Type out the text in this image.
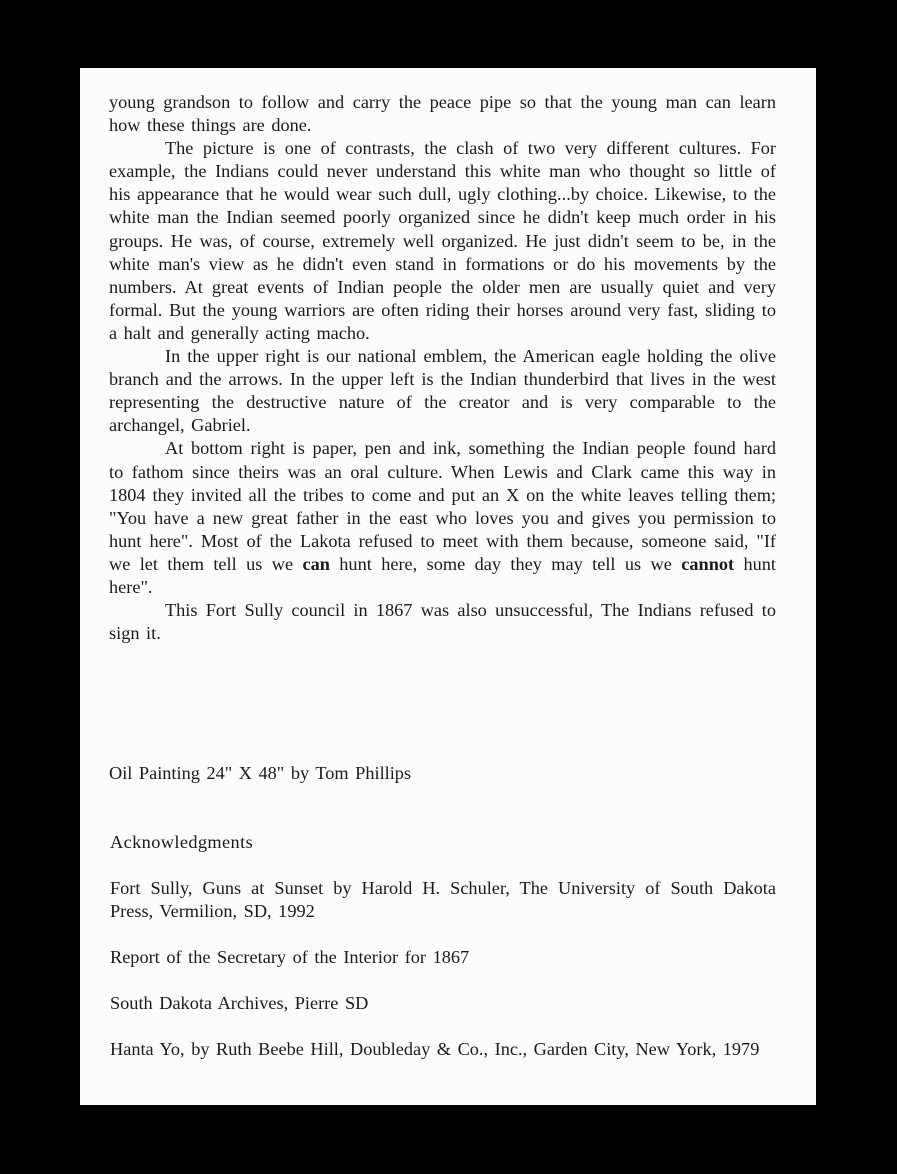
young grandson to follow and carry the peace pipe so that the young man can learn how these things are done.

The picture is one of contrasts, the clash of two very different cultures. For example, the Indians could never understand this white man who thought so little of his appearance that he would wear such dull, ugly clothing...by choice. Likewise, to the white man the Indian seemed poorly organized since he didn't keep much order in his groups. He was, of course, extremely well organized. He just didn't seem to be, in the white man's view as he didn't even stand in formations or do his movements by the numbers. At great events of Indian people the older men are usually quiet and very formal. But the young warriors are often riding their horses around very fast, sliding to a halt and generally acting macho.

In the upper right is our national emblem, the American eagle holding the olive branch and the arrows. In the upper left is the Indian thunderbird that lives in the west representing the destructive nature of the creator and is very comparable to the archangel, Gabriel.

At bottom right is paper, pen and ink, something the Indian people found hard to fathom since theirs was an oral culture. When Lewis and Clark came this way in 1804 they invited all the tribes to come and put an X on the white leaves telling them; "You have a new great father in the east who loves you and gives you permission to hunt here". Most of the Lakota refused to meet with them because, someone said, "If we let them tell us we can hunt here, some day they may tell us we cannot hunt here".

This Fort Sully council in 1867 was also unsuccessful, The Indians refused to sign it.

Oil Painting 24" X 48" by Tom Phillips

Acknowledgments

Fort Sully, Guns at Sunset by Harold H. Schuler, The University of South Dakota Press, Vermilion, SD, 1992

Report of the Secretary of the Interior for 1867

South Dakota Archives, Pierre SD

Hanta Yo, by Ruth Beebe Hill, Doubleday & Co., Inc., Garden City, New York, 1979
